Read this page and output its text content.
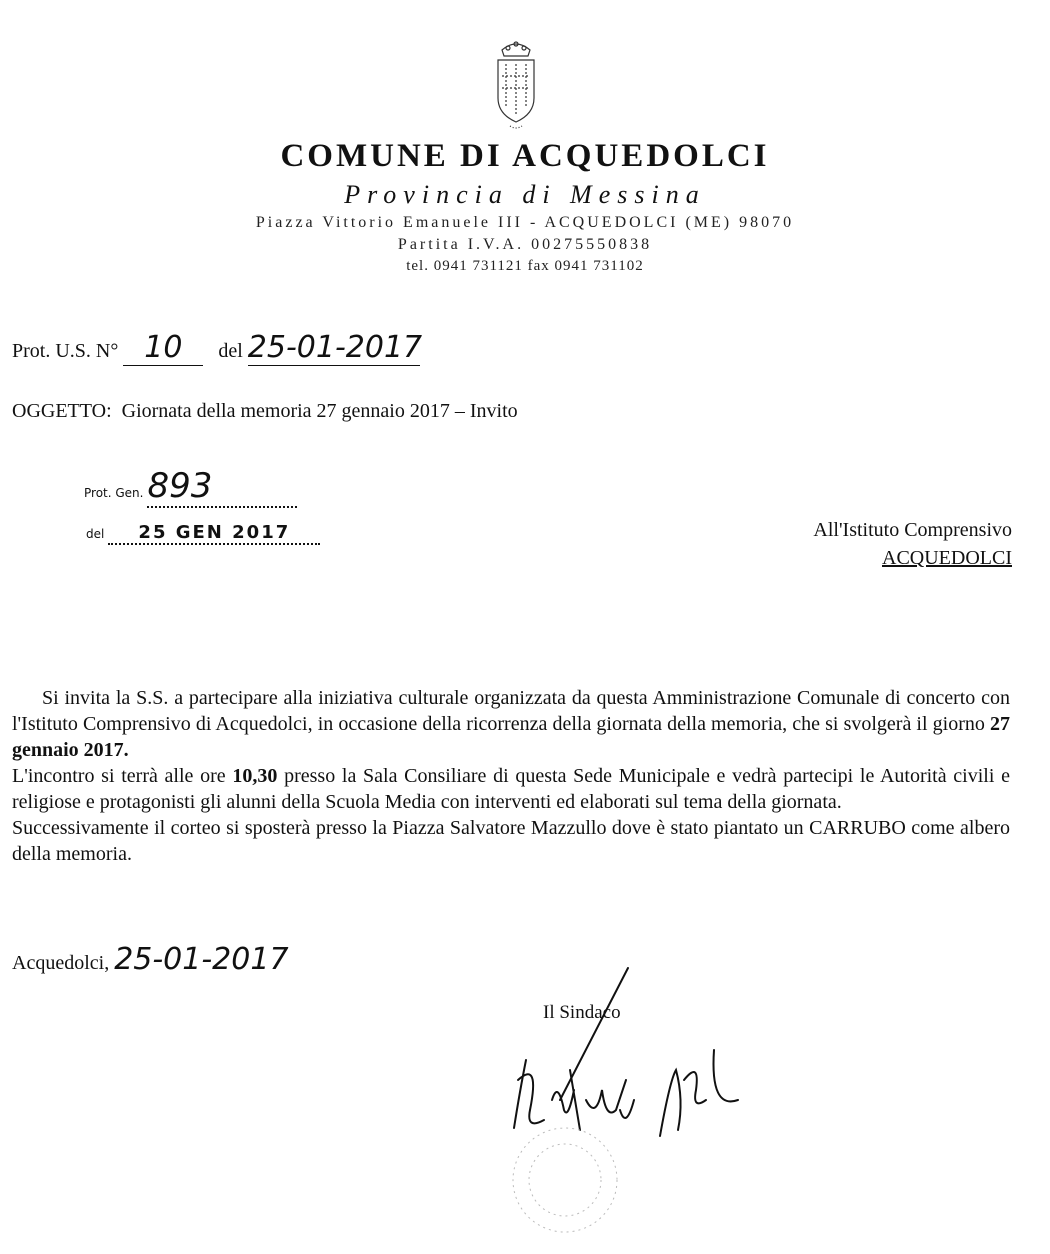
COMUNE DI ACQUEDOLCI
Provincia di Messina
Piazza Vittorio Emanuele III - ACQUEDOLCI (ME) 98070
Partita I.V.A. 00275550838
tel. 0941 731121 fax 0941 731102
Prot. U.S. N° 10 del 25-01-2017
OGGETTO: Giornata della memoria 27 gennaio 2017 – Invito
Prot. Gen. 893
del 25 GEN 2017	All'Istituto Comprensivo
ACQUEDOLCI

Si invita la S.S. a partecipare alla iniziativa culturale organizzata da questa Amministrazione Comunale di concerto con l'Istituto Comprensivo di Acquedolci, in occasione della ricorrenza della giornata della memoria, che si svolgerà il giorno 27 gennaio 2017.

L'incontro si terrà alle ore 10,30 presso la Sala Consiliare di questa Sede Municipale e vedrà partecipi le Autorità civili e religiose e protagonisti gli alunni della Scuola Media con interventi ed elaborati sul tema della giornata.

Successivamente il corteo si sposterà presso la Piazza Salvatore Mazzullo dove è stato piantato un CARRUBO come albero della memoria.

Acquedolci, 25-01-2017
Il Sindaco
